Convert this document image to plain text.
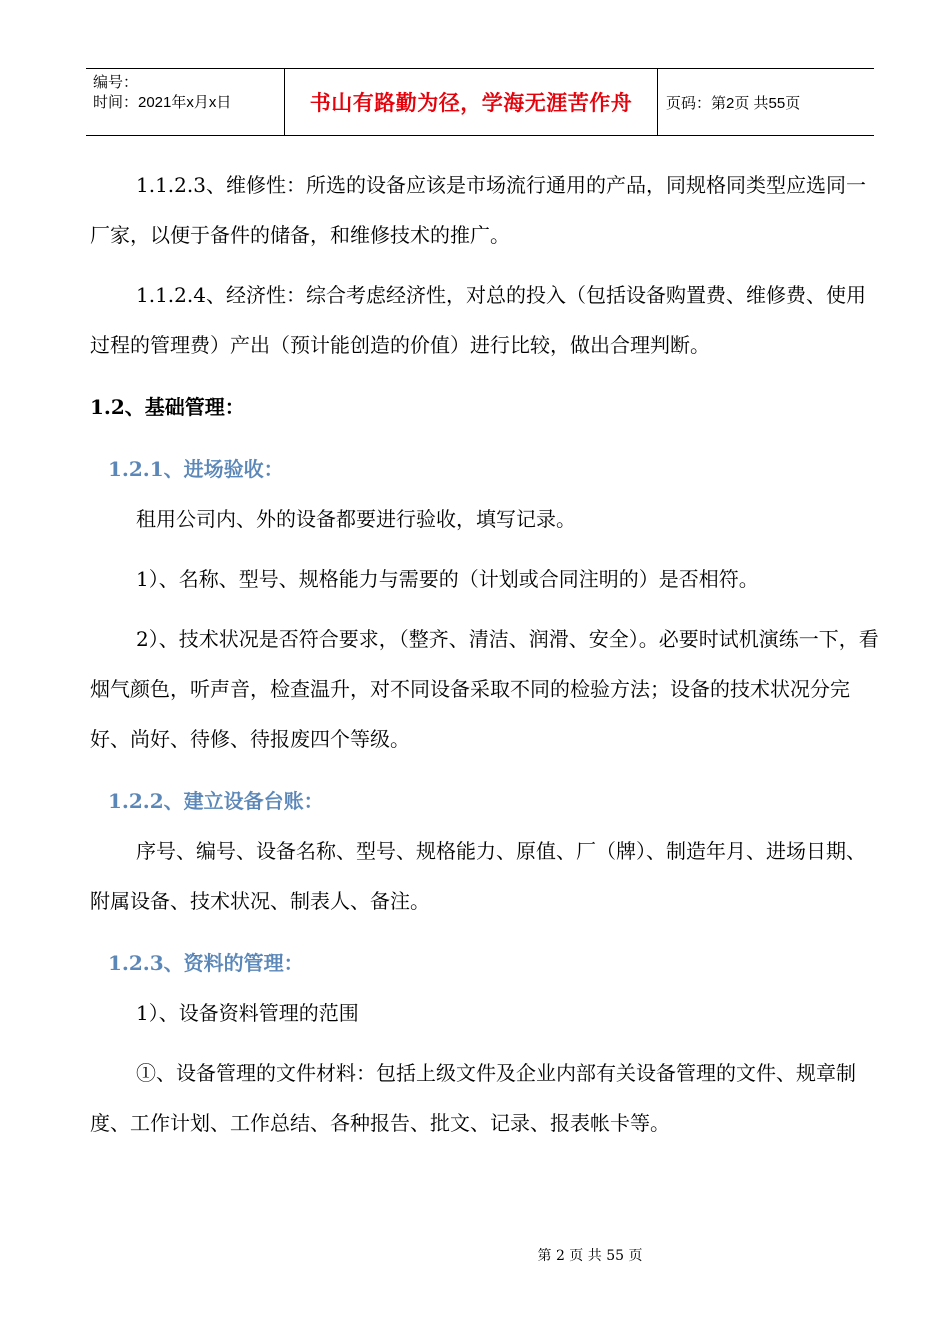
编号：
时间：2021年x月x日	书山有路勤为径，学海无涯苦作舟	页码：第2页 共55页

1.1.2.3、维修性：所选的设备应该是市场流行通用的产品，同规格同类型应选同一厂家，以便于备件的储备，和维修技术的推广。

1.1.2.4、经济性：综合考虑经济性，对总的投入（包括设备购置费、维修费、使用过程的管理费）产出（预计能创造的价值）进行比较，做出合理判断。

1.2、基础管理：
1.2.1、进场验收：

租用公司内、外的设备都要进行验收，填写记录。

1）、名称、型号、规格能力与需要的（计划或合同注明的）是否相符。

2）、技术状况是否符合要求，（整齐、清洁、润滑、安全）。必要时试机演练一下，看烟气颜色，听声音，检查温升，对不同设备采取不同的检验方法；设备的技术状况分完好、尚好、待修、待报废四个等级。

1.2.2、建立设备台账：

序号、编号、设备名称、型号、规格能力、原值、厂（牌）、制造年月、进场日期、附属设备、技术状况、制表人、备注。

1.2.3、资料的管理：

1）、设备资料管理的范围

①、设备管理的文件材料：包括上级文件及企业内部有关设备管理的文件、规章制度、工作计划、工作总结、各种报告、批文、记录、报表帐卡等。

第 2 页 共 55 页
